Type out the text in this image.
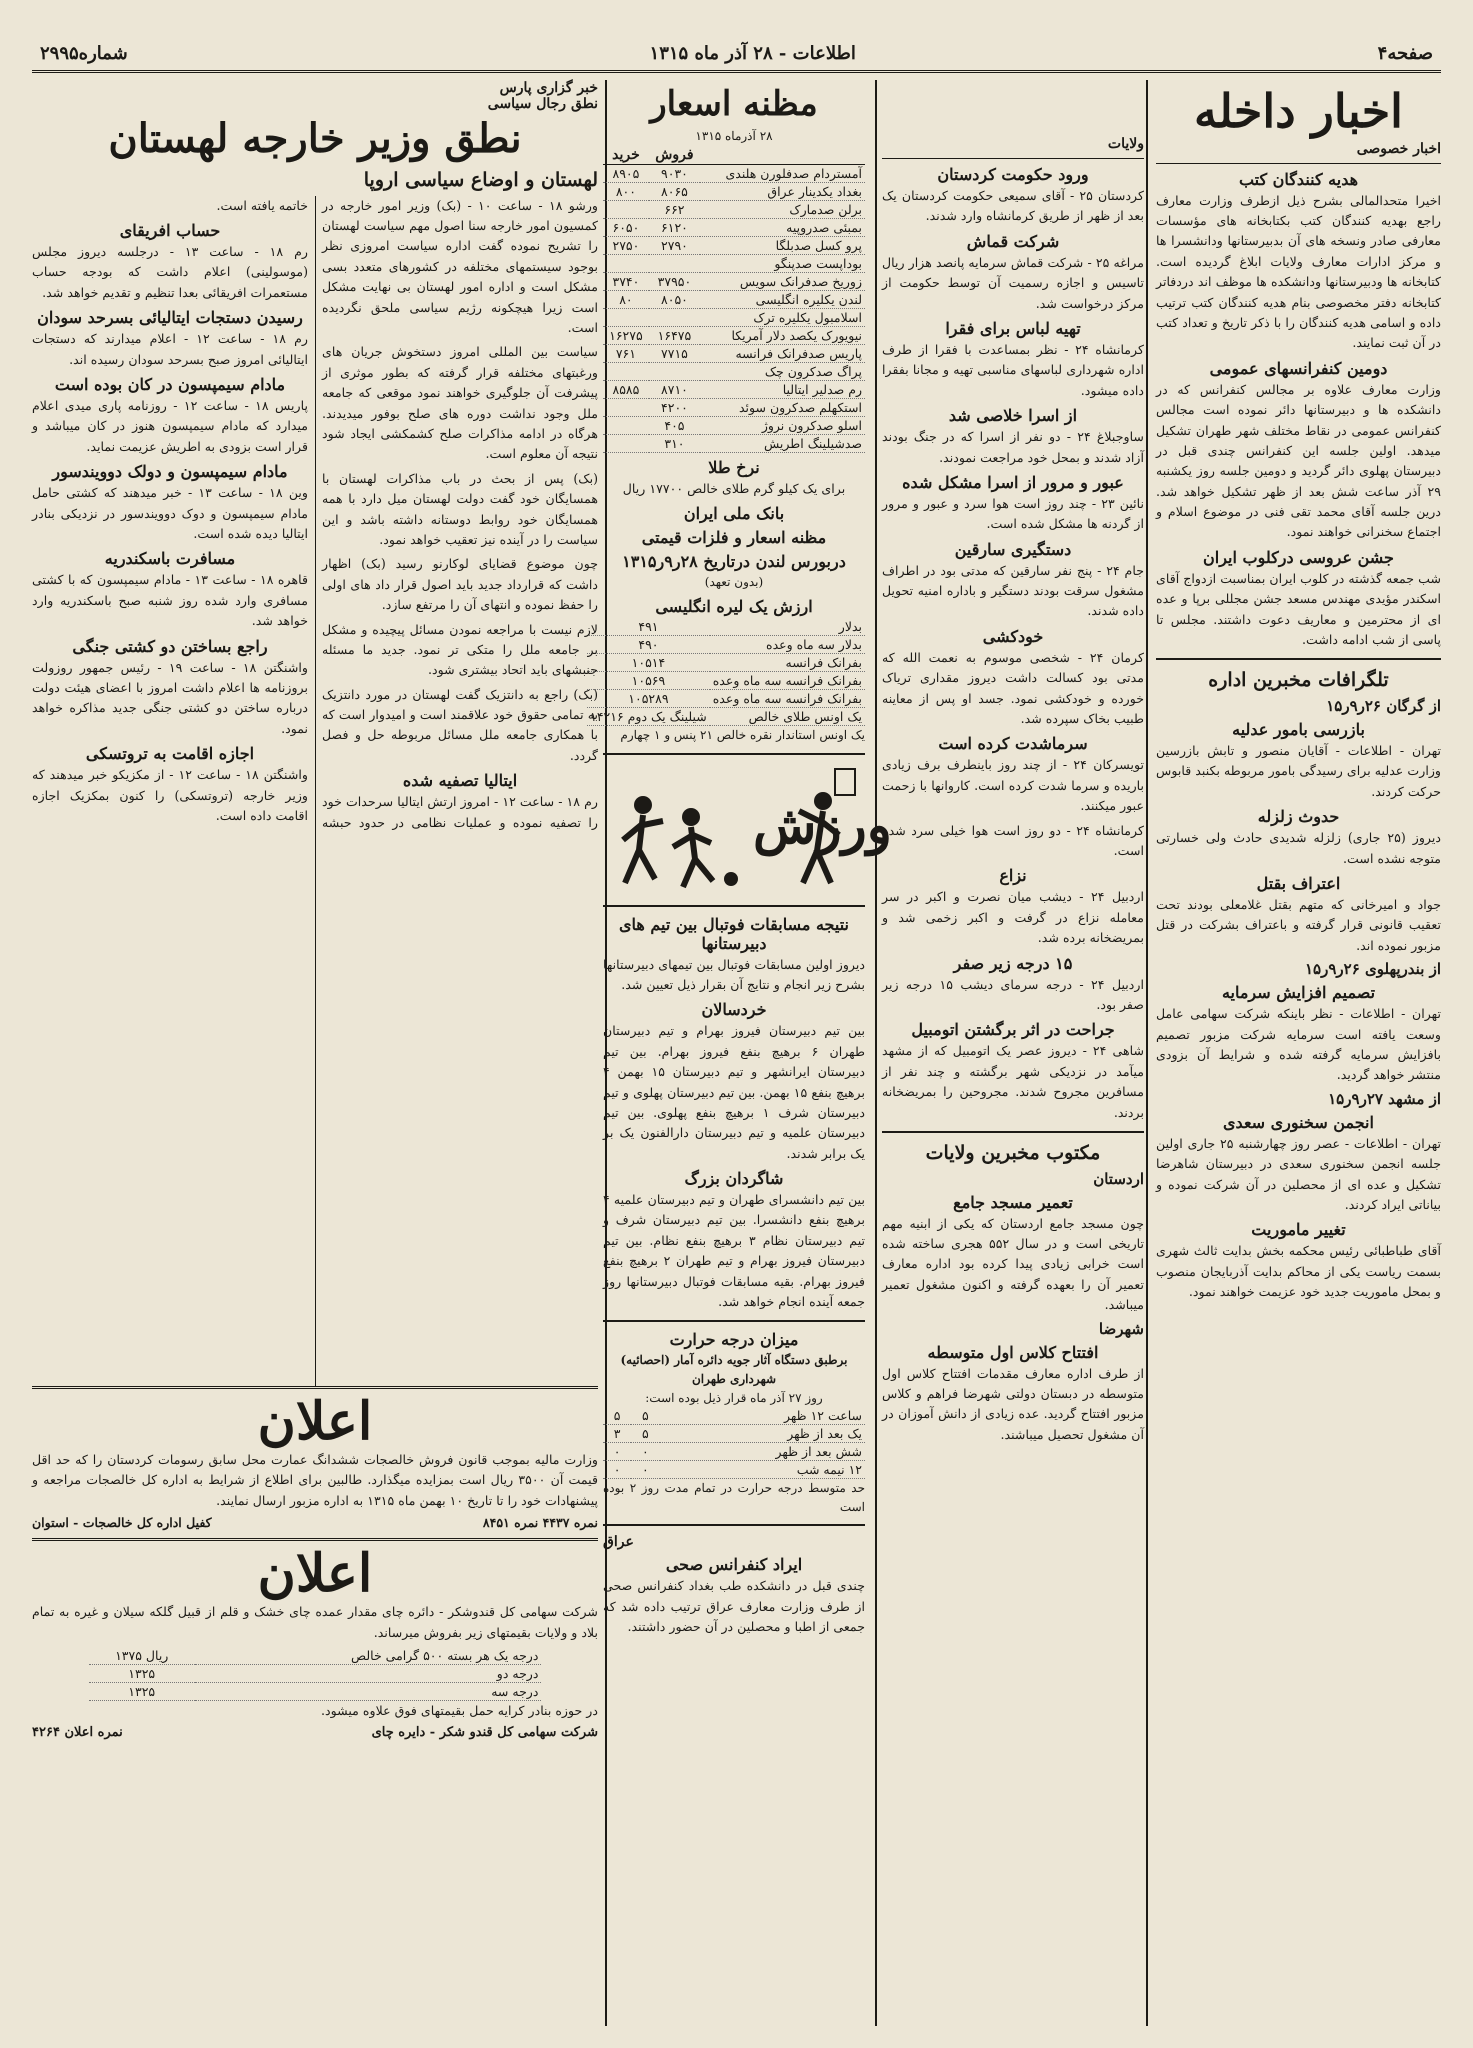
صفحه۴
اطلاعات - ۲۸ آذر ماه ۱۳۱۵
شماره۲۹۹۵
اخبار داخله
اخبار خصوصی
هدیه کنندگان کتب

اخیرا متحدالمالی بشرح ذیل ازطرف وزارت معارف راجع بهدیه کنندگان کتب بکتابخانه های مؤسسات معارفی صادر ونسخه های آن بدبیرستانها ودانشسرا ها و مرکز ادارات معارف ولایات ابلاغ گردیده است. کتابخانه ها ودبیرستانها ودانشکده ها موظف اند دردفاتر کتابخانه دفتر مخصوصی بنام هدیه کنندگان کتب ترتیب داده و اسامی هدیه کنندگان را با ذکر تاریخ و تعداد کتب در آن ثبت نمایند.

دومین کنفرانسهای عمومی

وزارت معارف علاوه بر مجالس کنفرانس که در دانشکده ها و دبیرستانها دائر نموده است مجالس کنفرانس عمومی در نقاط مختلف شهر طهران تشکیل میدهد. اولین جلسه این کنفرانس چندی قبل در دبیرستان پهلوی دائر گردید و دومین جلسه روز یکشنبه ۲۹ آذر ساعت شش بعد از ظهر تشکیل خواهد شد. درین جلسه آقای محمد تقی فنی در موضوع اسلام و اجتماع سخنرانی خواهند نمود.

جشن عروسی درکلوب ایران

شب جمعه گذشته در کلوب ایران بمناسبت ازدواج آقای اسکندر مؤیدی مهندس مسعد جشن مجللی برپا و عده ای از محترمین و معاریف دعوت داشتند. مجلس تا پاسی از شب ادامه داشت.

تلگرافات مخبرین اداره
از گرگان ۲۶ر۹ر۱۵
بازرسی بامور عدلیه

تهران - اطلاعات - آقایان منصور و تابش بازرسین وزارت عدلیه برای رسیدگی بامور مربوطه بکنبد قابوس حرکت کردند.

حدوث زلزله

دیروز (۲۵ جاری) زلزله شدیدی حادث ولی خسارتی متوجه نشده است.

اعتراف بقتل

جواد و امیرخانی که متهم بقتل غلامعلی بودند تحت تعقیب قانونی قرار گرفته و باعتراف بشرکت در قتل مزبور نموده اند.

از بندرپهلوی ۲۶ر۹ر۱۵
تصمیم افزایش سرمایه

تهران - اطلاعات - نظر باینکه شرکت سهامی عامل وسعت یافته است سرمایه شرکت مزبور تصمیم بافزایش سرمایه گرفته شده و شرایط آن بزودی منتشر خواهد گردید.

از مشهد ۲۷ر۹ر۱۵
انجمن سخنوری سعدی

تهران - اطلاعات - عصر روز چهارشنبه ۲۵ جاری اولین جلسه انجمن سخنوری سعدی در دبیرستان شاهرضا تشکیل و عده ای از محصلین در آن شرکت نموده و بیاناتی ایراد کردند.

تغییر ماموریت

آقای طباطبائی رئیس محکمه بخش بدایت ثالث شهری بسمت ریاست یکی از محاکم بدایت آذربایجان منصوب و بمحل ماموریت جدید خود عزیمت خواهند نمود.

ولایات
ورود حکومت کردستان

کردستان ۲۵ - آقای سمیعی حکومت کردستان یک بعد از ظهر از طریق کرمانشاه وارد شدند.

شرکت قماش

مراغه ۲۵ - شرکت قماش سرمایه پانصد هزار ریال تاسیس و اجازه رسمیت آن توسط حکومت از مرکز درخواست شد.

تهیه لباس برای فقرا

کرمانشاه ۲۴ - نظر بمساعدت با فقرا از طرف اداره شهرداری لباسهای مناسبی تهیه و مجانا بفقرا داده میشود.

از اسرا خلاصی شد

ساوجبلاغ ۲۴ - دو نفر از اسرا که در جنگ بودند آزاد شدند و بمحل خود مراجعت نمودند.

عبور و مرور از اسرا مشکل شده

نائین ۲۳ - چند روز است هوا سرد و عبور و مرور از گردنه ها مشکل شده است.

دستگیری سارقین

جام ۲۴ - پنج نفر سارقین که مدتی بود در اطراف مشغول سرقت بودند دستگیر و باداره امنیه تحویل داده شدند.

خودکشی

کرمان ۲۴ - شخصی موسوم به نعمت الله که مدتی بود کسالت داشت دیروز مقداری تریاک خورده و خودکشی نمود. جسد او پس از معاینه طبیب بخاک سپرده شد.

سرماشدت کرده است

تویسرکان ۲۴ - از چند روز باینطرف برف زیادی باریده و سرما شدت کرده است. کاروانها با زحمت عبور میکنند.

کرمانشاه ۲۴ - دو روز است هوا خیلی سرد شده است.

نزاع

اردبیل ۲۴ - دیشب میان نصرت و اکبر در سر معامله نزاع در گرفت و اکبر زخمی شد و بمریضخانه برده شد.

۱۵ درجه زیر صفر

اردبیل ۲۴ - درجه سرمای دیشب ۱۵ درجه زیر صفر بود.

جراحت در اثر برگشتن اتومبیل

شاهی ۲۴ - دیروز عصر یک اتومبیل که از مشهد میآمد در نزدیکی شهر برگشته و چند نفر از مسافرین مجروح شدند. مجروحین را بمریضخانه بردند.

مکتوب مخبرین ولایات
اردستان
تعمیر مسجد جامع

چون مسجد جامع اردستان که یکی از ابنیه مهم تاریخی است و در سال ۵۵۲ هجری ساخته شده است خرابی زیادی پیدا کرده بود اداره معارف تعمیر آن را بعهده گرفته و اکنون مشغول تعمیر میباشد.

شهرضا
افتتاح کلاس اول متوسطه

از طرف اداره معارف مقدمات افتتاح کلاس اول متوسطه در دبستان دولتی شهرضا فراهم و کلاس مزبور افتتاح گردید. عده زیادی از دانش آموزان در آن مشغول تحصیل میباشند.

مظنه اسعار
۲۸ آذرماه ۱۳۱۵
	فروش	خرید
آمستردام صدفلورن هلندی	۹۰۳۰	۸۹۰۵
بغداد یکدینار عراق	۸۰۶۵	۸۰۰
برلن صدمارک	۶۶۲	
بمبئی صدروپیه	۶۱۲۰	۶۰۵۰
پرو کسل صدبلگا	۲۷۹۰	۲۷۵۰
بوداپست صدپنگو		
زوریخ صدفرانک سویس	۳۷۹۵۰	۳۷۴۰
لندن یکلیره انگلیسی	۸۰۵۰	۸۰
اسلامبول یکلیره ترک		
نیویورک یکصد دلار آمریکا	۱۶۴۷۵	۱۶۲۷۵
پاریس صدفرانک فرانسه	۷۷۱۵	۷۶۱
پراگ صدکرون چک		
رم صدلیر ایتالیا	۸۷۱۰	۸۵۸۵
استکهلم صدکرون سوئد	۴۲۰۰	
اسلو صدکرون نروژ	۴۰۵	
صدشیلینگ اطریش	۳۱۰	
نرخ طلا

برای یک کیلو گرم طلای خالص ۱۷۷۰۰ ریال

بانک ملی ایران
مظنه اسعار و فلزات قیمتی
دربورس لندن درتاریخ ۲۸ر۹ر۱۳۱۵
(بدون تعهد)
ارزش یک لیره انگلیسی
بدلار	۴۹۱
بدلار سه ماه وعده	۴۹۰
بفرانک فرانسه	۱۰۵۱۴
بفرانک فرانسه سه ماه وعده	۱۰۵۶۹
بفرانک فرانسه سه ماه وعده	۱۰۵۲۸۹
یک اونس طلای خالص	۱۴۲۱۶ شیلینگ یک دوم

یک اونس استاندار نقره خالص ۲۱ پنس و ۱ چهارم

ورزش
نتیجه مسابقات فوتبال بین تیم های دبیرستانها

دیروز اولین مسابقات فوتبال بین تیمهای دبیرستانها بشرح زیر انجام و نتایج آن بقرار ذیل تعیین شد.

خردسالان

بین تیم دبیرستان فیروز بهرام و تیم دبیرستان طهران ۶ برهیچ بنفع فیروز بهرام. بین تیم دبیرستان ایرانشهر و تیم دبیرستان ۱۵ بهمن ۴ برهیچ بنفع ۱۵ بهمن. بین تیم دبیرستان پهلوی و تیم دبیرستان شرف ۱ برهیچ بنفع پهلوی. بین تیم دبیرستان علمیه و تیم دبیرستان دارالفنون یک بر یک برابر شدند.

شاگردان بزرگ

بین تیم دانشسرای طهران و تیم دبیرستان علمیه ۴ برهیچ بنفع دانشسرا. بین تیم دبیرستان شرف و تیم دبیرستان نظام ۳ برهیچ بنفع نظام. بین تیم دبیرستان فیروز بهرام و تیم طهران ۲ برهیچ بنفع فیروز بهرام. بقیه مسابقات فوتبال دبیرستانها روز جمعه آینده انجام خواهد شد.

میزان درجه حرارت
برطبق دستگاه آثار جویه دائره آمار (احصائیه) شهرداری طهران
روز ۲۷ آذر ماه قرار ذیل بوده است:
ساعت ۱۲ ظهر	۵	۵
یک بعد از ظهر	۵	۳
شش بعد از ظهر	۰	۰
۱۲ نیمه شب	۰	۰

حد متوسط درجه حرارت در تمام مدت روز ۲ بوده است

عراق
ایراد کنفرانس صحی

چندی قبل در دانشکده طب بغداد کنفرانس صحی از طرف وزارت معارف عراق ترتیب داده شد که جمعی از اطبا و محصلین در آن حضور داشتند.

خبر گزاری پارس
نطق رجال سیاسی
نطق وزیر خارجه لهستان
لهستان و اوضاع سیاسی اروپا

ورشو ۱۸ - ساعت ۱۰ - (بک) وزیر امور خارجه در کمسیون امور خارجه سنا اصول مهم سیاست لهستان را تشریح نموده گفت اداره سیاست امروزی نظر بوجود سیستمهای مختلفه در کشورهای متعدد بسی مشکل است و اداره امور لهستان بی نهایت مشکل است زیرا هیچکونه رژیم سیاسی ملحق نگردیده است.

سیاست بین المللی امروز دستخوش جریان های ورغبتهای مختلفه قرار گرفته که بطور موثری از پیشرفت آن جلوگیری خواهند نمود موقعی که جامعه ملل وجود نداشت دوره های صلح بوفور میدیدند. هرگاه در ادامه مذاکرات صلح کشمکشی ایجاد شود نتیجه آن معلوم است.

(بک) پس از بحث در باب مذاکرات لهستان با همسایگان خود گفت دولت لهستان میل دارد با همه همسایگان خود روابط دوستانه داشته باشد و این سیاست را در آینده نیز تعقیب خواهد نمود.

چون موضوع قضایای لوکارنو رسید (بک) اظهار داشت که قرارداد جدید باید اصول قرار داد های اولی را حفظ نموده و انتهای آن را مرتفع سازد.

لازم نیست با مراجعه نمودن مسائل پیچیده و مشکل بر جامعه ملل را متکی تر نمود. جدید ما مسئله جنبشهای باید اتحاد بیشتری شود.

(بک) راجع به دانتزیک گفت لهستان در مورد دانتزیک به تمامی حقوق خود علاقمند است و امیدوار است که با همکاری جامعه ملل مسائل مربوطه حل و فصل گردد.

ایتالیا تصفیه شده

رم ۱۸ - ساعت ۱۲ - امروز ارتش ایتالیا سرحدات خود را تصفیه نموده و عملیات نظامی در حدود حبشه خاتمه یافته است.

حساب افریقای

رم ۱۸ - ساعت ۱۳ - درجلسه دیروز مجلس (موسولینی) اعلام داشت که بودجه حساب مستعمرات افریقائی بعدا تنظیم و تقدیم خواهد شد.

رسیدن دستجات ایتالیائی بسرحد سودان

رم ۱۸ - ساعت ۱۲ - اعلام میدارند که دستجات ایتالیائی امروز صبح بسرحد سودان رسیده اند.

مادام سیمپسون در کان بوده است

پاریس ۱۸ - ساعت ۱۲ - روزنامه پاری میدی اعلام میدارد که مادام سیمپسون هنوز در کان میباشد و قرار است بزودی به اطریش عزیمت نماید.

مادام سیمپسون و دولک دوویندسور

وین ۱۸ - ساعت ۱۳ - خبر میدهند که کشتی حامل مادام سیمپسون و دوک دوویندسور در نزدیکی بنادر ایتالیا دیده شده است.

مسافرت باسکندریه

قاهره ۱۸ - ساعت ۱۳ - مادام سیمپسون که با کشتی مسافری وارد شده روز شنبه صبح باسکندریه وارد خواهد شد.

راجع بساختن دو کشتی جنگی

واشنگتن ۱۸ - ساعت ۱۹ - رئیس جمهور روزولت بروزنامه ها اعلام داشت امروز با اعضای هیئت دولت درباره ساختن دو کشتی جنگی جدید مذاکره خواهد نمود.

اجازه اقامت به تروتسکی

واشنگتن ۱۸ - ساعت ۱۲ - از مکزیکو خبر میدهند که وزیر خارجه (تروتسکی) را کنون بمکزیک اجازه اقامت داده است.

اعلان

وزارت مالیه بموجب قانون فروش خالصجات ششدانگ عمارت محل سابق رسومات کردستان را که حد اقل قیمت آن ۳۵۰۰ ریال است بمزایده میگذارد. طالبین برای اطلاع از شرایط به اداره کل خالصجات مراجعه و پیشنهادات خود را تا تاریخ ۱۰ بهمن ماه ۱۳۱۵ به اداره مزبور ارسال نمایند.

نمره ۴۴۳۷ نمره ۸۴۵۱
کفیل اداره کل خالصجات - استوان
اعلان

شرکت سهامی کل قندوشکر - دائره چای مقدار عمده چای خشک و قلم از قبیل گلکه سیلان و غیره به تمام بلاد و ولایات بقیمتهای زیر بفروش میرساند.

درجه یک هر بسته ۵۰۰ گرامی خالص	۱۳۷۵ ریال
درجه دو	۱۳۲۵
درجه سه	۱۳۲۵

در حوزه بنادر کرایه حمل بقیمتهای فوق علاوه میشود.

شرکت سهامی کل قندو شکر - دایره چای
نمره اعلان ۴۲۶۴
